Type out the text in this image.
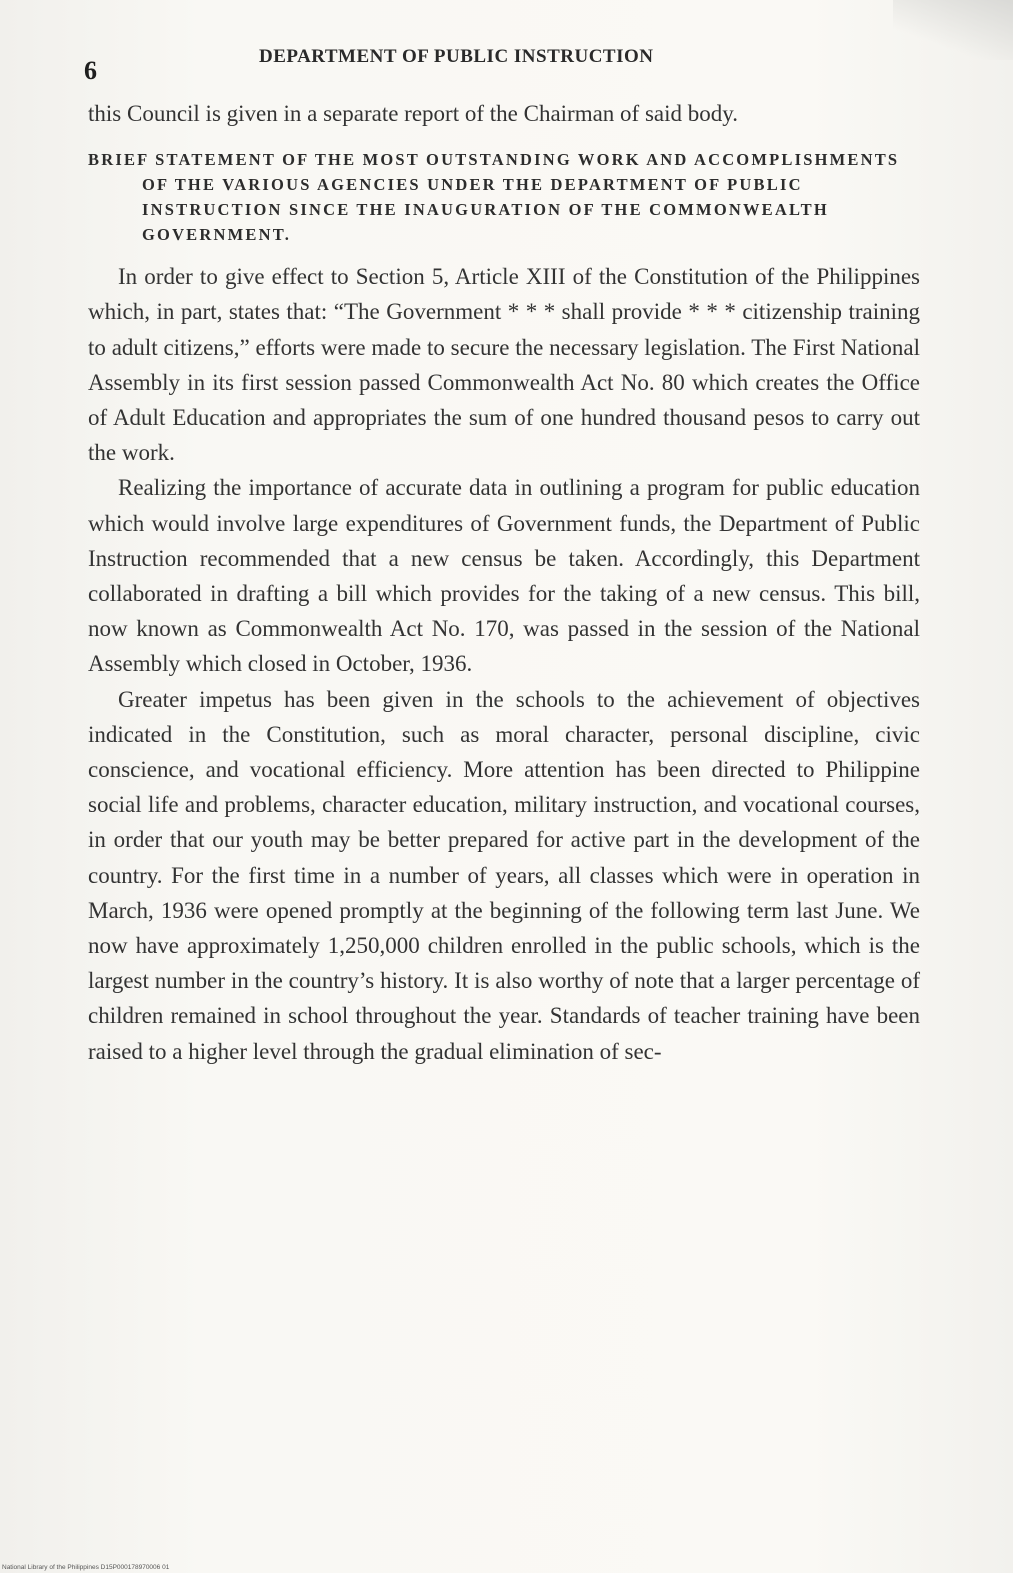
6	DEPARTMENT OF PUBLIC INSTRUCTION

this Council is given in a separate report of the Chairman of said body.

BRIEF STATEMENT OF THE MOST OUTSTANDING WORK AND ACCOMPLISHMENTS OF THE VARIOUS AGENCIES UNDER THE DEPARTMENT OF PUBLIC INSTRUCTION SINCE THE INAUGURATION OF THE COMMONWEALTH GOVERNMENT.

In order to give effect to Section 5, Article XIII of the Constitution of the Philippines which, in part, states that: “The Government * * * shall provide * * * citizenship training to adult citizens,” efforts were made to secure the necessary legislation. The First National Assembly in its first session passed Commonwealth Act No. 80 which creates the Office of Adult Education and appropriates the sum of one hundred thousand pesos to carry out the work.

Realizing the importance of accurate data in outlining a program for public education which would involve large expenditures of Government funds, the Department of Public Instruction recommended that a new census be taken. Accordingly, this Department collaborated in drafting a bill which provides for the taking of a new census. This bill, now known as Commonwealth Act No. 170, was passed in the session of the National Assembly which closed in October, 1936.

Greater impetus has been given in the schools to the achievement of objectives indicated in the Constitution, such as moral character, personal discipline, civic conscience, and vocational efficiency. More attention has been directed to Philippine social life and problems, character education, military instruction, and vocational courses, in order that our youth may be better prepared for active part in the development of the country. For the first time in a number of years, all classes which were in operation in March, 1936 were opened promptly at the beginning of the following term last June. We now have approximately 1,250,000 children enrolled in the public schools, which is the largest number in the country’s history. It is also worthy of note that a larger percentage of children remained in school throughout the year. Standards of teacher training have been raised to a higher level through the gradual elimination of sec-

National Library of the Philippines D15P000178970006 01
